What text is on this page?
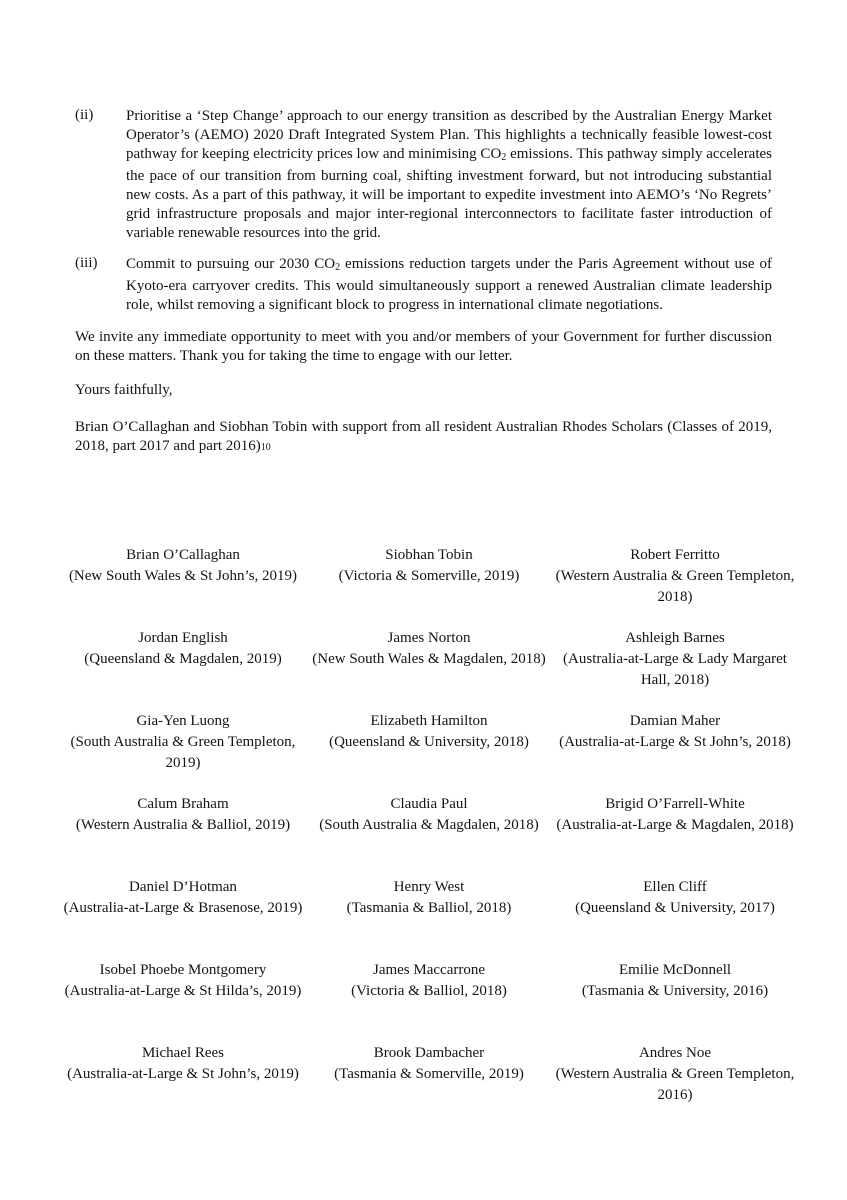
(ii) Prioritise a ‘Step Change’ approach to our energy transition as described by the Australian Energy Market Operator’s (AEMO) 2020 Draft Integrated System Plan. This highlights a technically feasible lowest-cost pathway for keeping electricity prices low and minimising $CO_2$ emissions. This pathway simply accelerates the pace of our transition from burning coal, shifting investment forward, but not introducing substantial new costs. As a part of this pathway, it will be important to expedite investment into AEMO’s ‘No Regrets’ grid infrastructure proposals and major inter-regional interconnectors to facilitate faster introduction of variable renewable resources into the grid.
(iii) Commit to pursuing our 2030 $CO_2$ emissions reduction targets under the Paris Agreement without use of Kyoto-era carryover credits. This would simultaneously support a renewed Australian climate leadership role, whilst removing a significant block to progress in international climate negotiations.

We invite any immediate opportunity to meet with you and/or members of your Government for further discussion on these matters. Thank you for taking the time to engage with our letter.

Yours faithfully,

Brian O’Callaghan and Siobhan Tobin with support from all resident Australian Rhodes Scholars (Classes of 2019, 2018, part 2017 and part 2016)10

Brian O’Callaghan
(New South Wales & St John’s, 2019)
Siobhan Tobin
(Victoria & Somerville, 2019)
Robert Ferritto
(Western Australia & Green Templeton, 2018)
Jordan English
(Queensland & Magdalen, 2019)
James Norton
(New South Wales & Magdalen, 2018)
Ashleigh Barnes
(Australia-at-Large & Lady Margaret Hall, 2018)
Gia-Yen Luong
(South Australia & Green Templeton, 2019)
Elizabeth Hamilton
(Queensland & University, 2018)
Damian Maher
(Australia-at-Large & St John’s, 2018)
Calum Braham
(Western Australia & Balliol, 2019)
Claudia Paul
(South Australia & Magdalen, 2018)
Brigid O’Farrell-White
(Australia-at-Large & Magdalen, 2018)
Daniel D’Hotman
(Australia-at-Large & Brasenose, 2019)
Henry West
(Tasmania & Balliol, 2018)
Ellen Cliff
(Queensland & University, 2017)
Isobel Phoebe Montgomery
(Australia-at-Large & St Hilda’s, 2019)
James Maccarrone
(Victoria & Balliol, 2018)
Emilie McDonnell
(Tasmania & University, 2016)
Michael Rees
(Australia-at-Large & St John’s, 2019)
Brook Dambacher
(Tasmania & Somerville, 2019)
Andres Noe
(Western Australia & Green Templeton, 2016)
